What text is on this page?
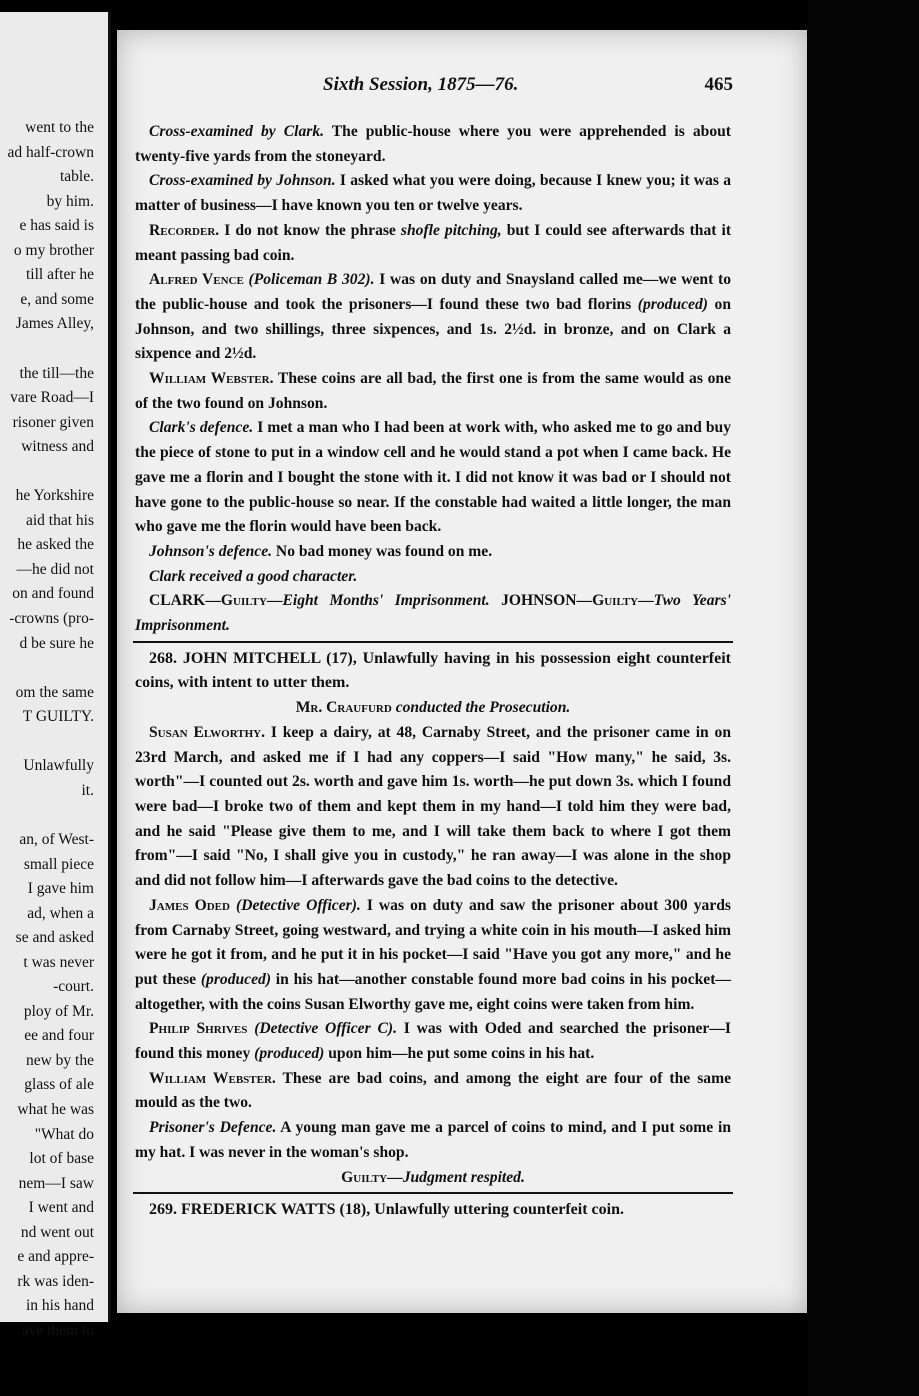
went to the
ad half-crown
table.
by him.
e has said is
o my brother
till after he
e, and some
James Alley,
the till—the
vare Road—I
risoner given
witness and
he Yorkshire
aid that his
he asked the
—he did not
on and found
-crowns (pro-
d be sure he
om the same
T GUILTY.
Unlawfully
it.
an, of West-
small piece
I gave him
ad, when a
se and asked
t was never
-court.
ploy of Mr.
ee and four
new by the
glass of ale
what he was
"What do
lot of base
nem—I saw
I went and
nd went out
e and appre-
rk was iden-
in his hand
ave them to
Sixth Session, 1875—76.	465

Cross-examined by Clark. The public-house where you were apprehended is about twenty-five yards from the stoneyard.

Cross-examined by Johnson. I asked what you were doing, because I knew you; it was a matter of business—I have known you ten or twelve years.

Recorder. I do not know the phrase shofle pitching, but I could see afterwards that it meant passing bad coin.

Alfred Vence (Policeman B 302). I was on duty and Snaysland called me—we went to the public-house and took the prisoners—I found these two bad florins (produced) on Johnson, and two shillings, three sixpences, and 1s. 2½d. in bronze, and on Clark a sixpence and 2½d.

William Webster. These coins are all bad, the first one is from the same would as one of the two found on Johnson.

Clark's defence. I met a man who I had been at work with, who asked me to go and buy the piece of stone to put in a window cell and he would stand a pot when I came back. He gave me a florin and I bought the stone with it. I did not know it was bad or I should not have gone to the public-house so near. If the constable had waited a little longer, the man who gave me the florin would have been back.

Johnson's defence. No bad money was found on me.

Clark received a good character.

CLARK—Guilty—Eight Months' Imprisonment. JOHNSON—Guilty—Two Years' Imprisonment.

268. JOHN MITCHELL (17), Unlawfully having in his possession eight counterfeit coins, with intent to utter them.

Mr. Craufurd conducted the Prosecution.

Susan Elworthy. I keep a dairy, at 48, Carnaby Street, and the prisoner came in on 23rd March, and asked me if I had any coppers—I said "How many," he said, 3s. worth"—I counted out 2s. worth and gave him 1s. worth—he put down 3s. which I found were bad—I broke two of them and kept them in my hand—I told him they were bad, and he said "Please give them to me, and I will take them back to where I got them from"—I said "No, I shall give you in custody," he ran away—I was alone in the shop and did not follow him—I afterwards gave the bad coins to the detective.

James Oded (Detective Officer). I was on duty and saw the prisoner about 300 yards from Carnaby Street, going westward, and trying a white coin in his mouth—I asked him were he got it from, and he put it in his pocket—I said "Have you got any more," and he put these (produced) in his hat—another constable found more bad coins in his pocket—altogether, with the coins Susan Elworthy gave me, eight coins were taken from him.

Philip Shrives (Detective Officer C). I was with Oded and searched the prisoner—I found this money (produced) upon him—he put some coins in his hat.

William Webster. These are bad coins, and among the eight are four of the same mould as the two.

Prisoner's Defence. A young man gave me a parcel of coins to mind, and I put some in my hat. I was never in the woman's shop.

Guilty—Judgment respited.

269. FREDERICK WATTS (18), Unlawfully uttering counterfeit coin.
